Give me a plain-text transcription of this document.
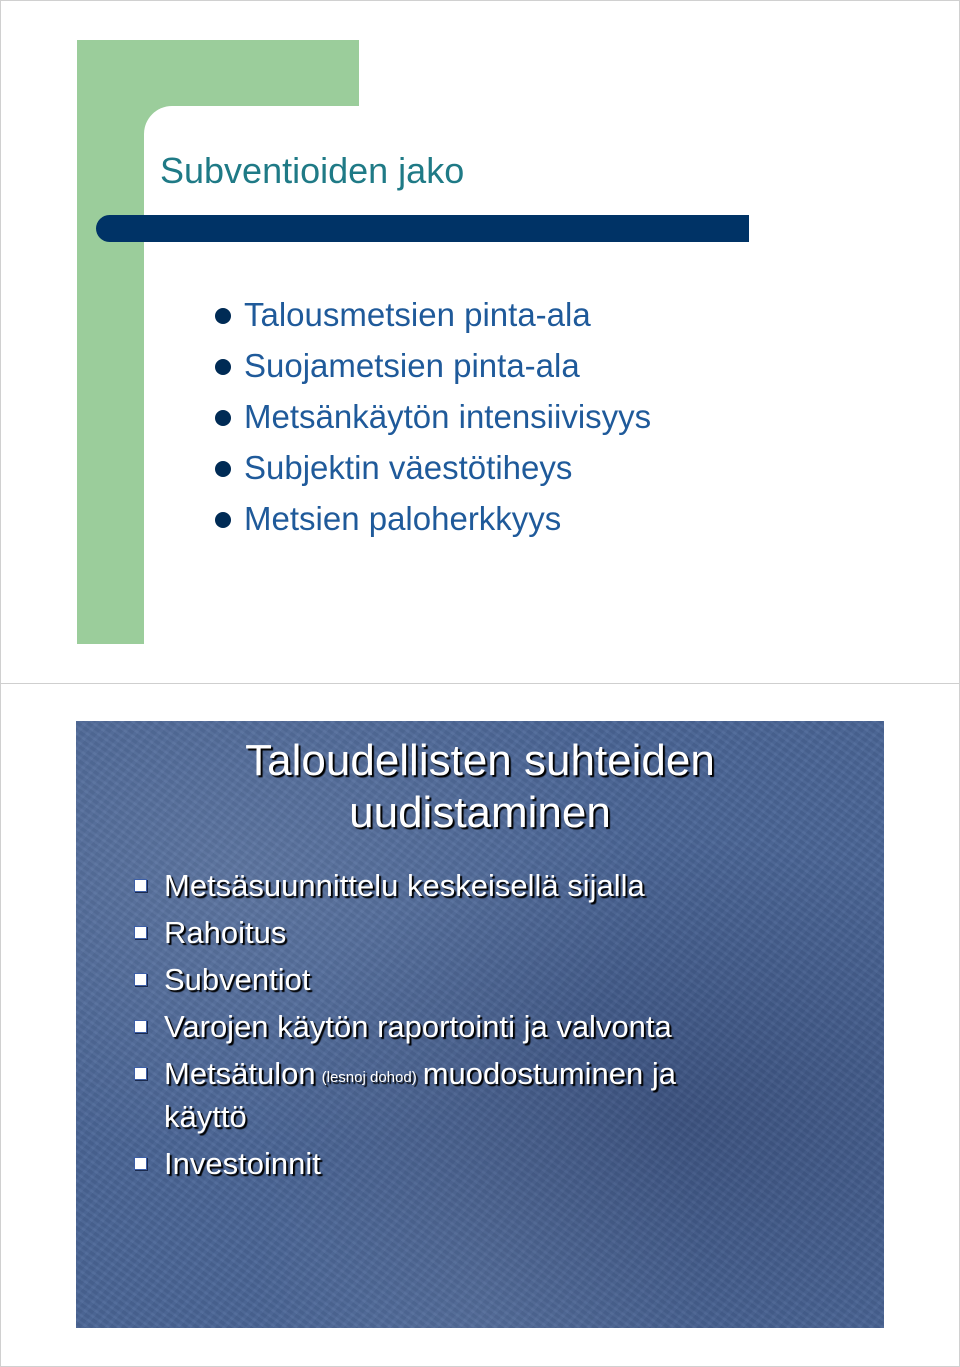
Subventioiden jako
Talousmetsien pinta-ala
Suojametsien pinta-ala
Metsänkäytön intensiivisyys
Subjektin väestötiheys
Metsien paloherkkyys
Taloudellisten suhteiden
uudistaminen
Metsäsuunnittelu keskeisellä sijalla
Rahoitus
Subventiot
Varojen käytön raportointi ja valvonta
Metsätulon (lesnoj dohod) muodostuminen ja
käyttö
Investoinnit
